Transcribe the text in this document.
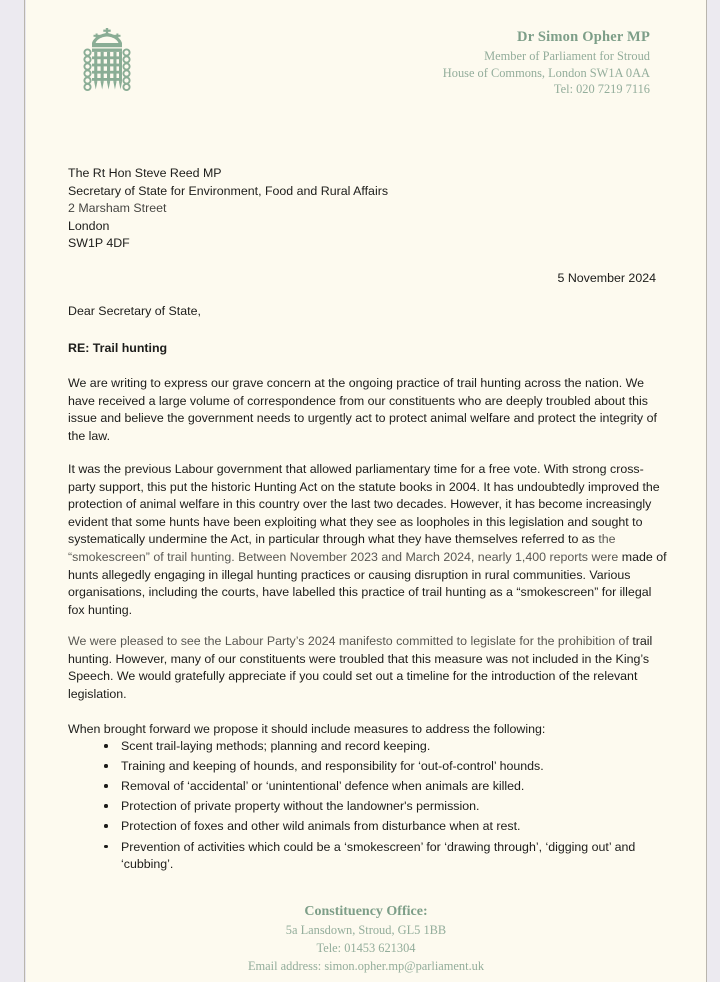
Dr Simon Opher MP
Member of Parliament for Stroud
House of Commons, London SW1A 0AA
Tel: 020 7219 7116
The Rt Hon Steve Reed MP
Secretary of State for Environment, Food and Rural Affairs
2 Marsham Street
London
SW1P 4DF
5 November 2024
Dear Secretary of State,
RE: Trail hunting
We are writing to express our grave concern at the ongoing practice of trail hunting across the nation. We have received a large volume of correspondence from our constituents who are deeply troubled about this issue and believe the government needs to urgently act to protect animal welfare and protect the integrity of the law.
It was the previous Labour government that allowed parliamentary time for a free vote. With strong cross-party support, this put the historic Hunting Act on the statute books in 2004. It has undoubtedly improved the protection of animal welfare in this country over the last two decades. However, it has become increasingly evident that some hunts have been exploiting what they see as loopholes in this legislation and sought to systematically undermine the Act, in particular through what they have themselves referred to as the “smokescreen” of trail hunting. Between November 2023 and March 2024, nearly 1,400 reports were made of hunts allegedly engaging in illegal hunting practices or causing disruption in rural communities. Various organisations, including the courts, have labelled this practice of trail hunting as a “smokescreen” for illegal fox hunting.
We were pleased to see the Labour Party’s 2024 manifesto committed to legislate for the prohibition of trail hunting. However, many of our constituents were troubled that this measure was not included in the King’s Speech. We would gratefully appreciate if you could set out a timeline for the introduction of the relevant legislation.
When brought forward we propose it should include measures to address the following:
Scent trail-laying methods; planning and record keeping.
Training and keeping of hounds, and responsibility for ‘out-of-control’ hounds.
Removal of ‘accidental’ or ‘unintentional’ defence when animals are killed.
Protection of private property without the landowner's permission.
Protection of foxes and other wild animals from disturbance when at rest.
Prevention of activities which could be a ‘smokescreen’ for ‘drawing through’, ‘digging out’ and ‘cubbing’.
Constituency Office:
5a Lansdown, Stroud, GL5 1BB
Tele: 01453 621304
Email address: simon.opher.mp@parliament.uk
